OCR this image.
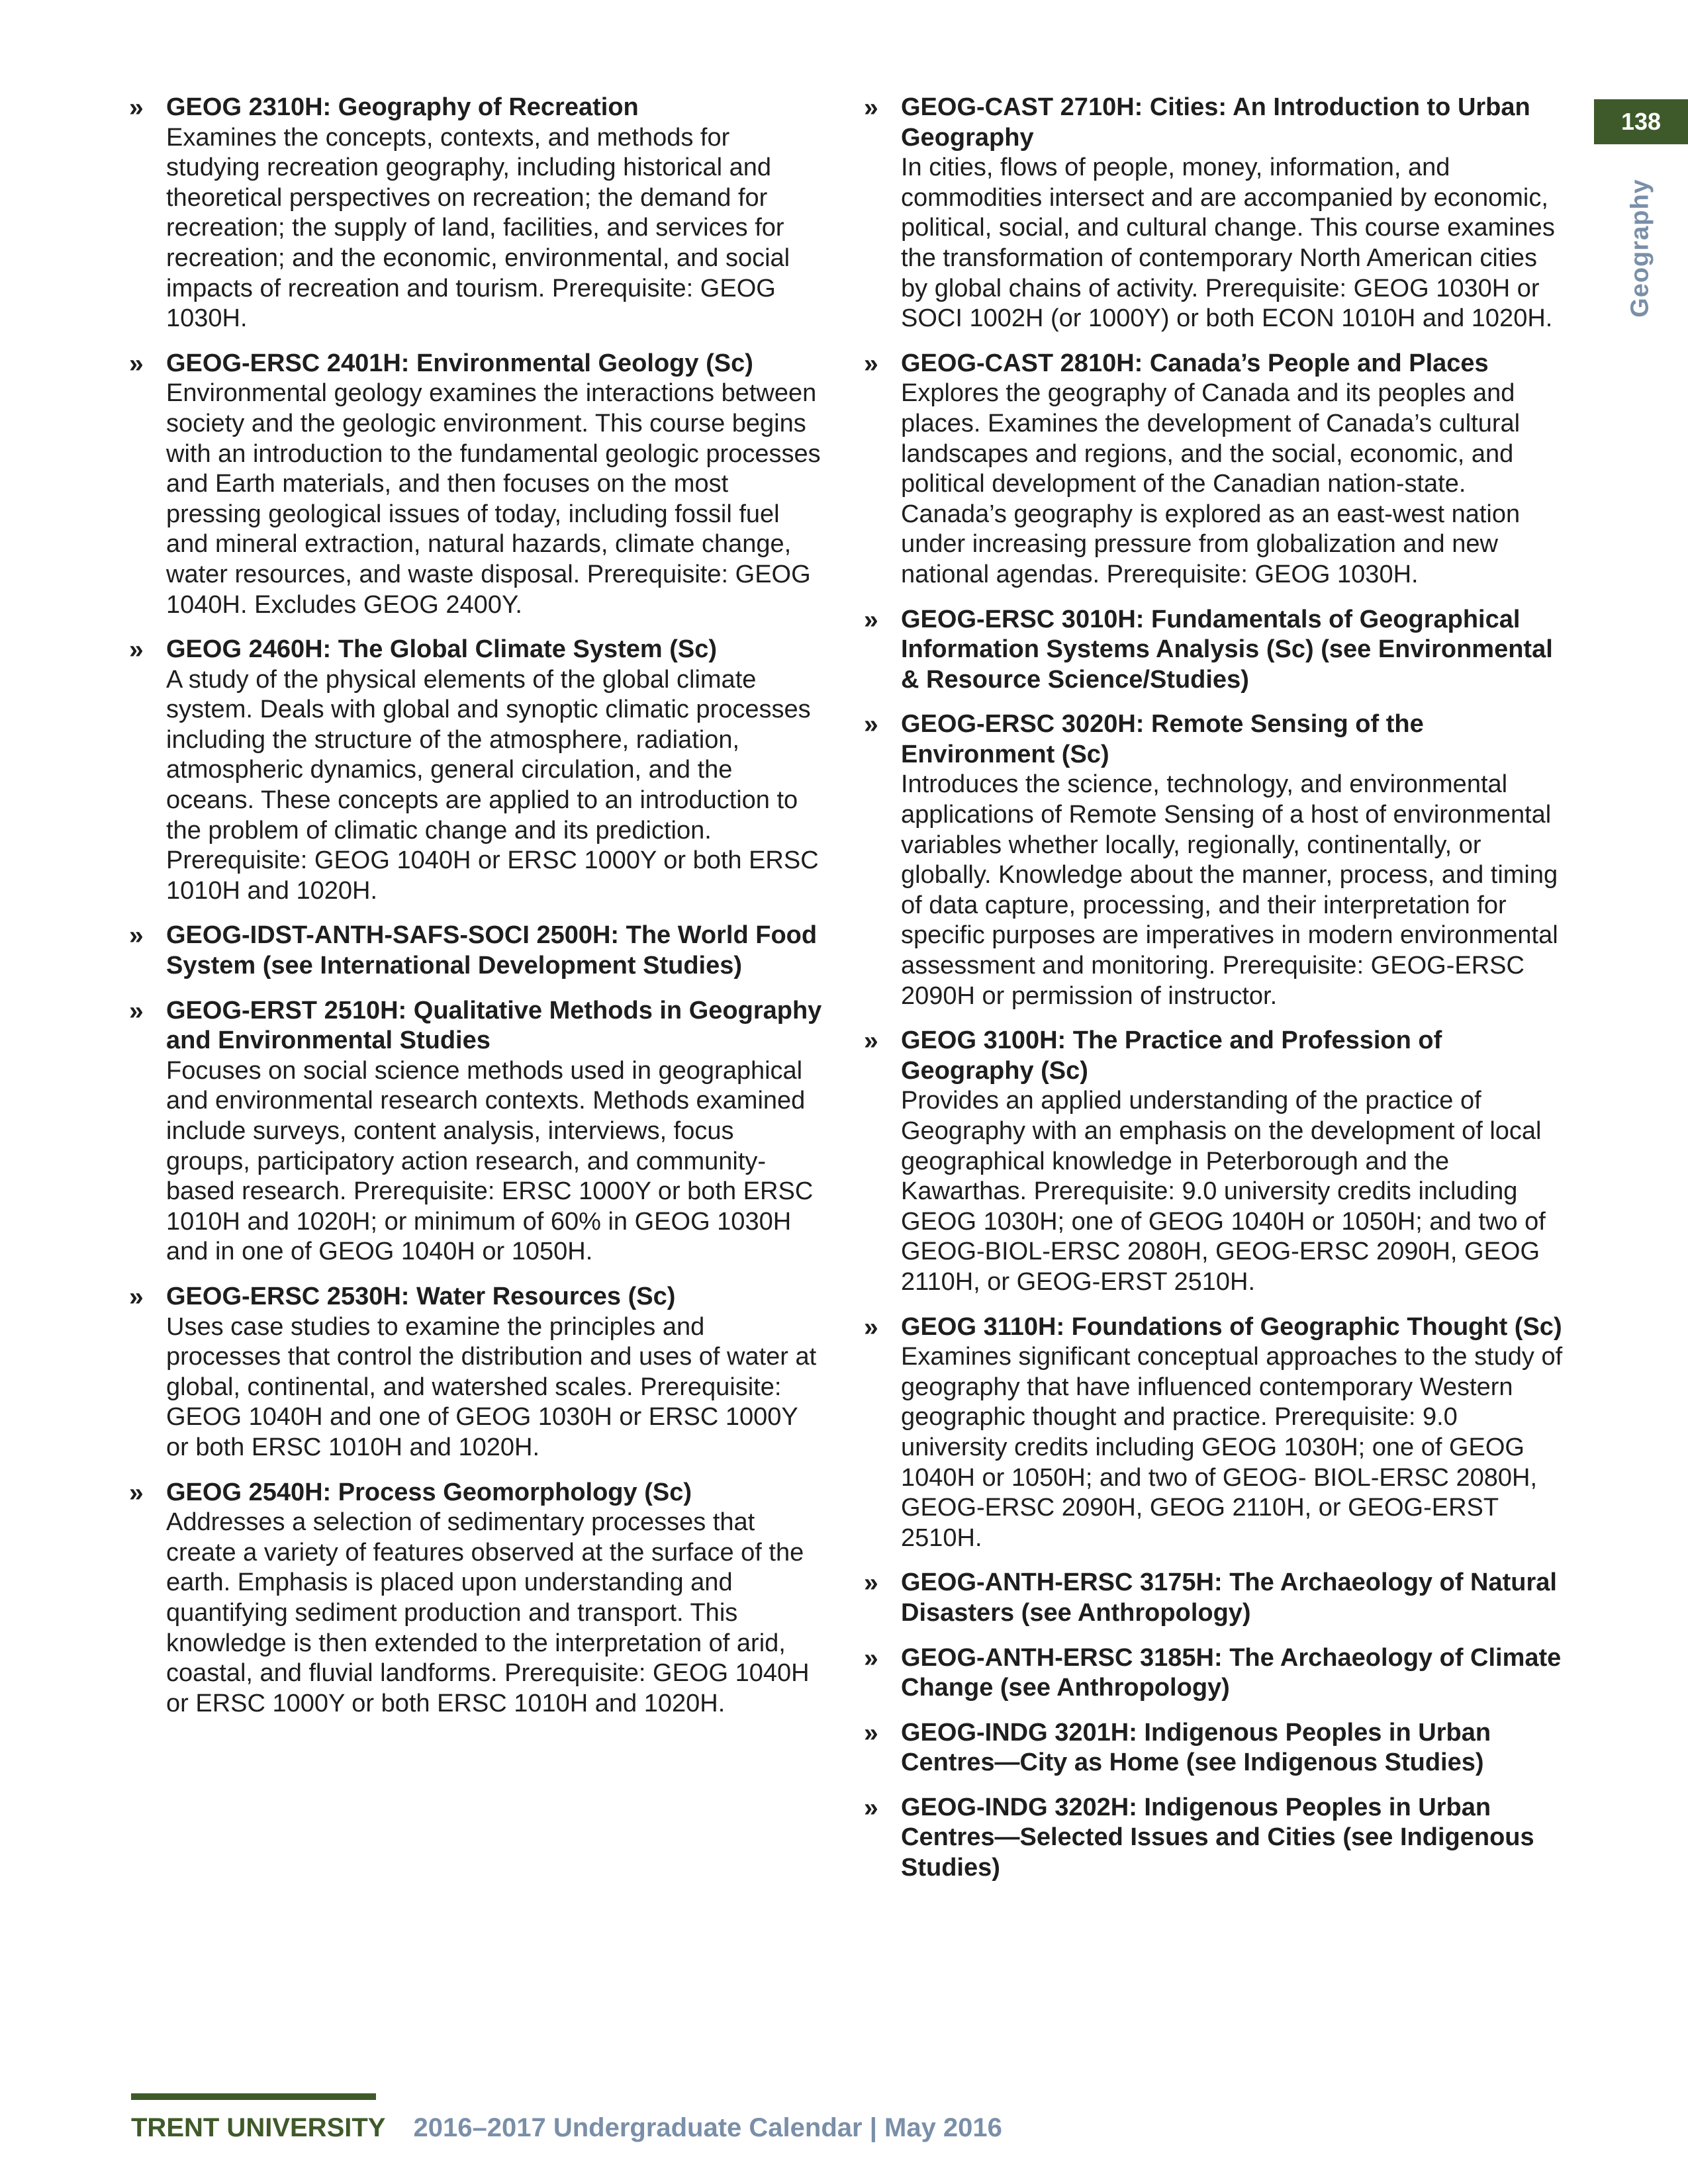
138
Geography
» GEOG 2310H: Geography of Recreation

Examines the concepts, contexts, and methods for studying recreation geography, including historical and theoretical perspectives on recreation; the demand for recreation; the supply of land, facilities, and services for recreation; and the economic, environmental, and social impacts of recreation and tourism. Prerequisite: GEOG 1030H.

» GEOG-ERSC 2401H: Environmental Geology (Sc)

Environmental geology examines the interactions between society and the geologic environment. This course begins with an introduction to the fundamental geologic processes and Earth materials, and then focuses on the most pressing geological issues of today, including fossil fuel and mineral extraction, natural hazards, climate change, water resources, and waste disposal. Prerequisite: GEOG 1040H. Excludes GEOG 2400Y.

» GEOG 2460H: The Global Climate System (Sc)

A study of the physical elements of the global climate system. Deals with global and synoptic climatic processes including the structure of the atmosphere, radiation, atmospheric dynamics, general circulation, and the oceans. These concepts are applied to an introduction to the problem of climatic change and its prediction. Prerequisite: GEOG 1040H or ERSC 1000Y or both ERSC 1010H and 1020H.

» GEOG-IDST-ANTH-SAFS-SOCI 2500H: The World Food System (see International Development Studies)

» GEOG-ERST 2510H: Qualitative Methods in Geography and Environmental Studies

Focuses on social science methods used in geographical and environmental research contexts. Methods examined include surveys, content analysis, interviews, focus groups, participatory action research, and community-based research. Prerequisite: ERSC 1000Y or both ERSC 1010H and 1020H; or minimum of 60% in GEOG 1030H and in one of GEOG 1040H or 1050H.

» GEOG-ERSC 2530H: Water Resources (Sc)

Uses case studies to examine the principles and processes that control the distribution and uses of water at global, continental, and watershed scales. Prerequisite: GEOG 1040H and one of GEOG 1030H or ERSC 1000Y or both ERSC 1010H and 1020H.

» GEOG 2540H: Process Geomorphology (Sc)

Addresses a selection of sedimentary processes that create a variety of features observed at the surface of the earth. Emphasis is placed upon understanding and quantifying sediment production and transport. This knowledge is then extended to the interpretation of arid, coastal, and fluvial landforms. Prerequisite: GEOG 1040H or ERSC 1000Y or both ERSC 1010H and 1020H.

» GEOG-CAST 2710H: Cities: An Introduction to Urban Geography

In cities, flows of people, money, information, and commodities intersect and are accompanied by economic, political, social, and cultural change. This course examines the transformation of contemporary North American cities by global chains of activity. Prerequisite: GEOG 1030H or SOCI 1002H (or 1000Y) or both ECON 1010H and 1020H.

» GEOG-CAST 2810H: Canada’s People and Places

Explores the geography of Canada and its peoples and places. Examines the development of Canada’s cultural landscapes and regions, and the social, economic, and political development of the Canadian nation-state. Canada’s geography is explored as an east-west nation under increasing pressure from globalization and new national agendas. Prerequisite: GEOG 1030H.

» GEOG-ERSC 3010H: Fundamentals of Geographical Information Systems Analysis (Sc) (see Environmental & Resource Science/Studies)

» GEOG-ERSC 3020H: Remote Sensing of the Environment (Sc)

Introduces the science, technology, and environmental applications of Remote Sensing of a host of environmental variables whether locally, regionally, continentally, or globally. Knowledge about the manner, process, and timing of data capture, processing, and their interpretation for specific purposes are imperatives in modern environmental assessment and monitoring. Prerequisite: GEOG-ERSC 2090H or permission of instructor.

» GEOG 3100H: The Practice and Profession of Geography (Sc)

Provides an applied understanding of the practice of Geography with an emphasis on the development of local geographical knowledge in Peterborough and the Kawarthas. Prerequisite: 9.0 university credits including GEOG 1030H; one of GEOG 1040H or 1050H; and two of GEOG-BIOL-ERSC 2080H, GEOG-ERSC 2090H, GEOG 2110H, or GEOG-ERST 2510H.

» GEOG 3110H: Foundations of Geographic Thought (Sc)

Examines significant conceptual approaches to the study of geography that have influenced contemporary Western geographic thought and practice. Prerequisite: 9.0 university credits including GEOG 1030H; one of GEOG 1040H or 1050H; and two of GEOG- BIOL-ERSC 2080H, GEOG-ERSC 2090H, GEOG 2110H, or GEOG-ERST 2510H.

» GEOG-ANTH-ERSC 3175H: The Archaeology of Natural Disasters (see Anthropology)

» GEOG-ANTH-ERSC 3185H: The Archaeology of Climate Change (see Anthropology)

» GEOG-INDG 3201H: Indigenous Peoples in Urban Centres—City as Home (see Indigenous Studies)

» GEOG-INDG 3202H: Indigenous Peoples in Urban Centres—Selected Issues and Cities (see Indigenous Studies)

TRENT UNIVERSITY 2016–2017 Undergraduate Calendar | May 2016
